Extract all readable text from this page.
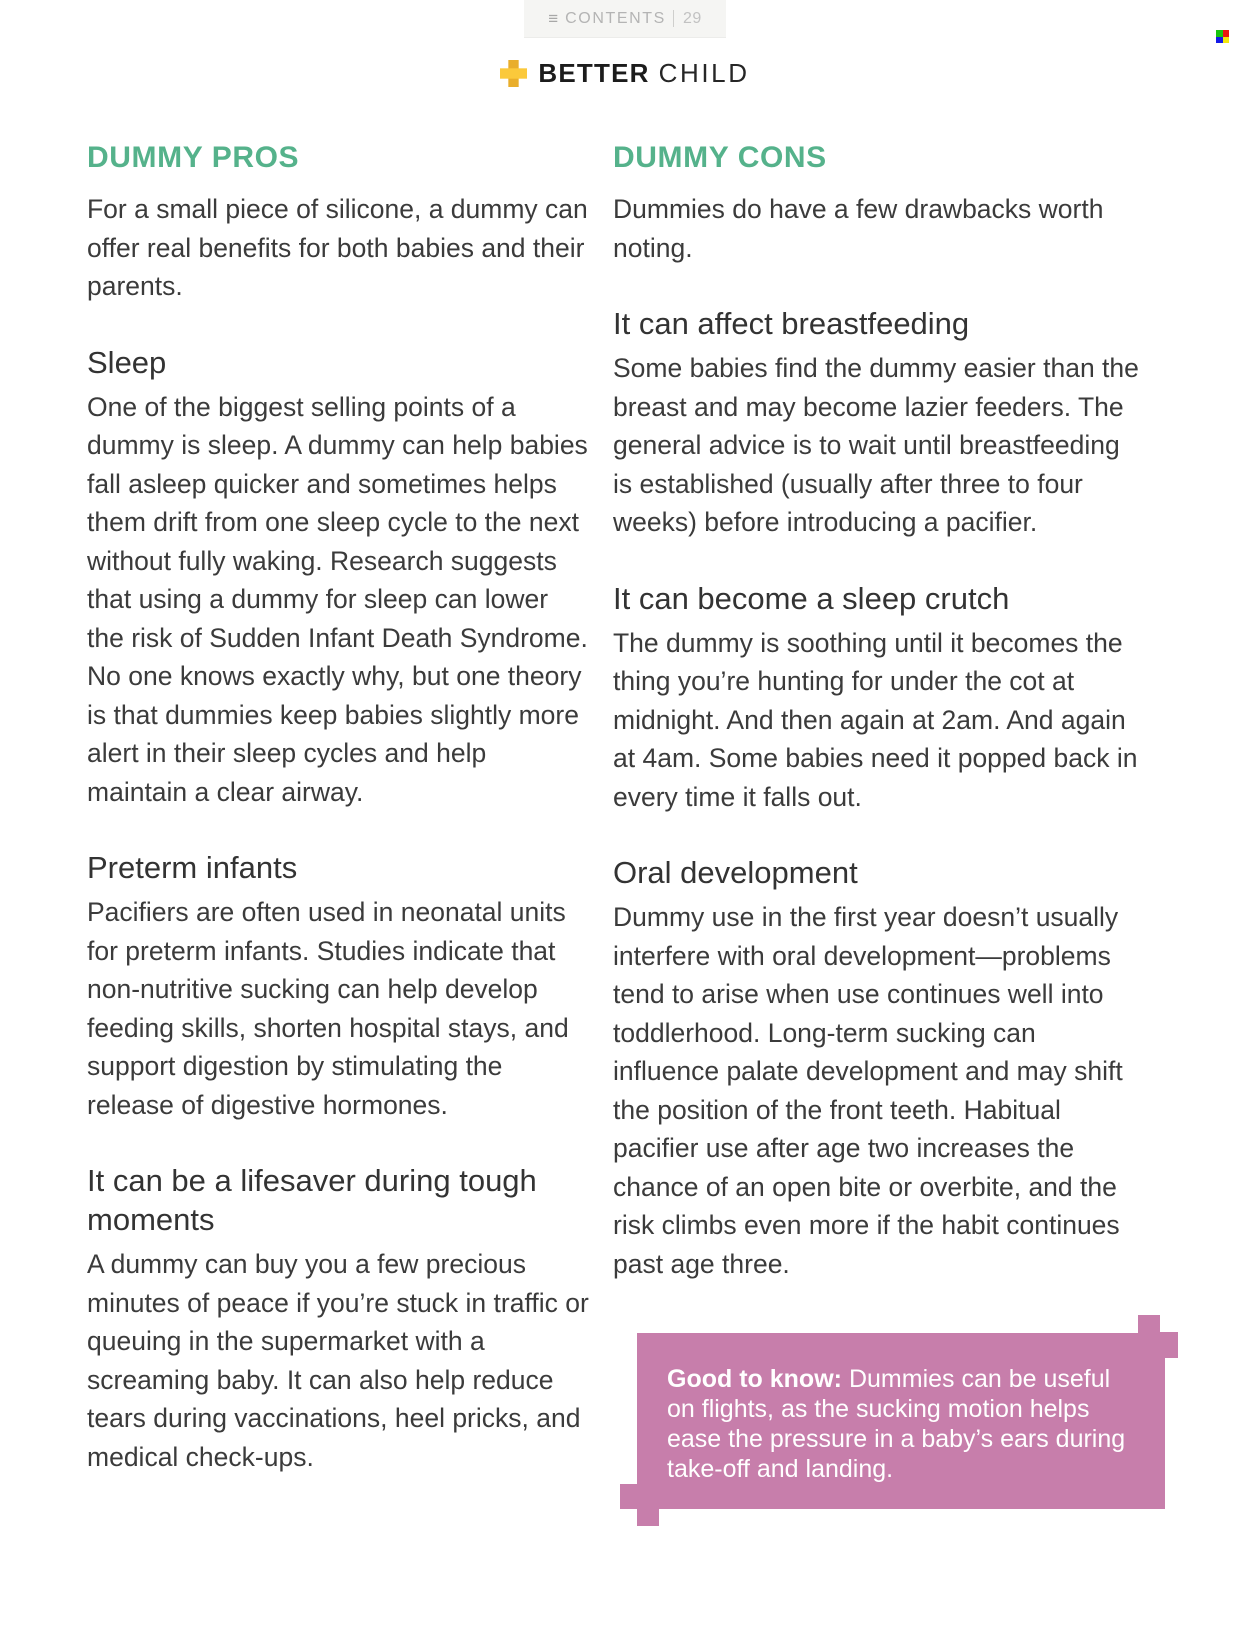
≡ CONTENTS 29
BETTER CHILD
DUMMY PROS

For a small piece of silicone, a dummy can offer real benefits for both babies and their parents.

Sleep

One of the biggest selling points of a dummy is sleep. A dummy can help babies fall asleep quicker and sometimes helps them drift from one sleep cycle to the next without fully waking. Research suggests that using a dummy for sleep can lower the risk of Sudden Infant Death Syndrome. No one knows exactly why, but one theory is that dummies keep babies slightly more alert in their sleep cycles and help maintain a clear airway.

Preterm infants

Pacifiers are often used in neonatal units for preterm infants. Studies indicate that non-nutritive sucking can help develop feeding skills, shorten hospital stays, and support digestion by stimulating the release of digestive hormones.

It can be a lifesaver during tough moments

A dummy can buy you a few precious minutes of peace if you’re stuck in traffic or queuing in the supermarket with a screaming baby. It can also help reduce tears during vaccinations, heel pricks, and medical check-ups.

DUMMY CONS

Dummies do have a few drawbacks worth noting.

It can affect breastfeeding

Some babies find the dummy easier than the breast and may become lazier feeders. The general advice is to wait until breastfeeding is established (usually after three to four weeks) before introducing a pacifier.

It can become a sleep crutch

The dummy is soothing until it becomes the thing you’re hunting for under the cot at midnight. And then again at 2am. And again at 4am. Some babies need it popped back in every time it falls out.

Oral development

Dummy use in the first year doesn’t usually interfere with oral development—problems tend to arise when use continues well into toddlerhood. Long-term sucking can influence palate development and may shift the position of the front teeth. Habitual pacifier use after age two increases the chance of an open bite or overbite, and the risk climbs even more if the habit continues past age three.

Good to know: Dummies can be useful on flights, as the sucking motion helps ease the pressure in a baby’s ears during take-off and landing.
